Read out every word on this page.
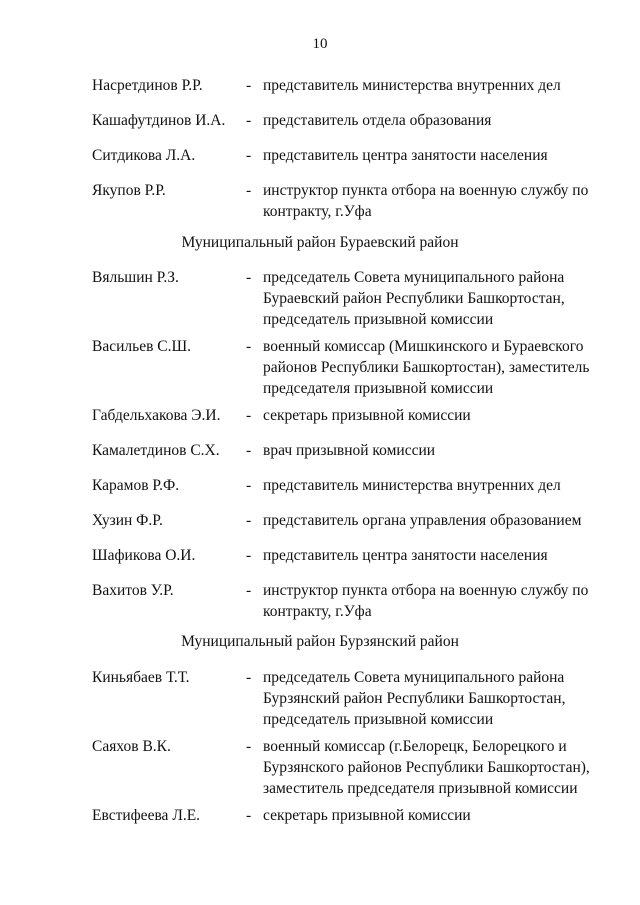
10
Насретдинов Р.Р.	- представитель министерства внутренних дел
Кашафутдинов И.А. - представитель отдела образования
Ситдикова Л.А.	- представитель центра занятости населения
Якупов Р.Р.	- инструктор пункта отбора на военную службу по
контракту, г.Уфа
Муниципальный район Бураевский район
Вяльшин Р.З.	- председатель Совета муниципального района
Бураевский район Республики Башкортостан,
председатель призывной комиссии
Васильев С.Ш.	- военный комиссар (Мишкинского и Бураевского
районов Республики Башкортостан), заместитель
председателя призывной комиссии
Габдельхакова Э.И. - секретарь призывной комиссии
Камалетдинов С.Х. - врач призывной комиссии
Карамов Р.Ф.	- представитель министерства внутренних дел
Хузин Ф.Р.	- представитель органа управления образованием
Шафикова О.И.	- представитель центра занятости населения
Вахитов У.Р.	- инструктор пункта отбора на военную службу по
контракту, г.Уфа
Муниципальный район Бурзянский район
Киньябаев Т.Т.	- председатель Совета муниципального района
Бурзянский район Республики Башкортостан,
председатель призывной комиссии
Саяхов В.К.	- военный комиссар (г.Белорецк, Белорецкого и
Бурзянского районов Республики Башкортостан),
заместитель председателя призывной комиссии
Евстифеева Л.Е.	- секретарь призывной комиссии
